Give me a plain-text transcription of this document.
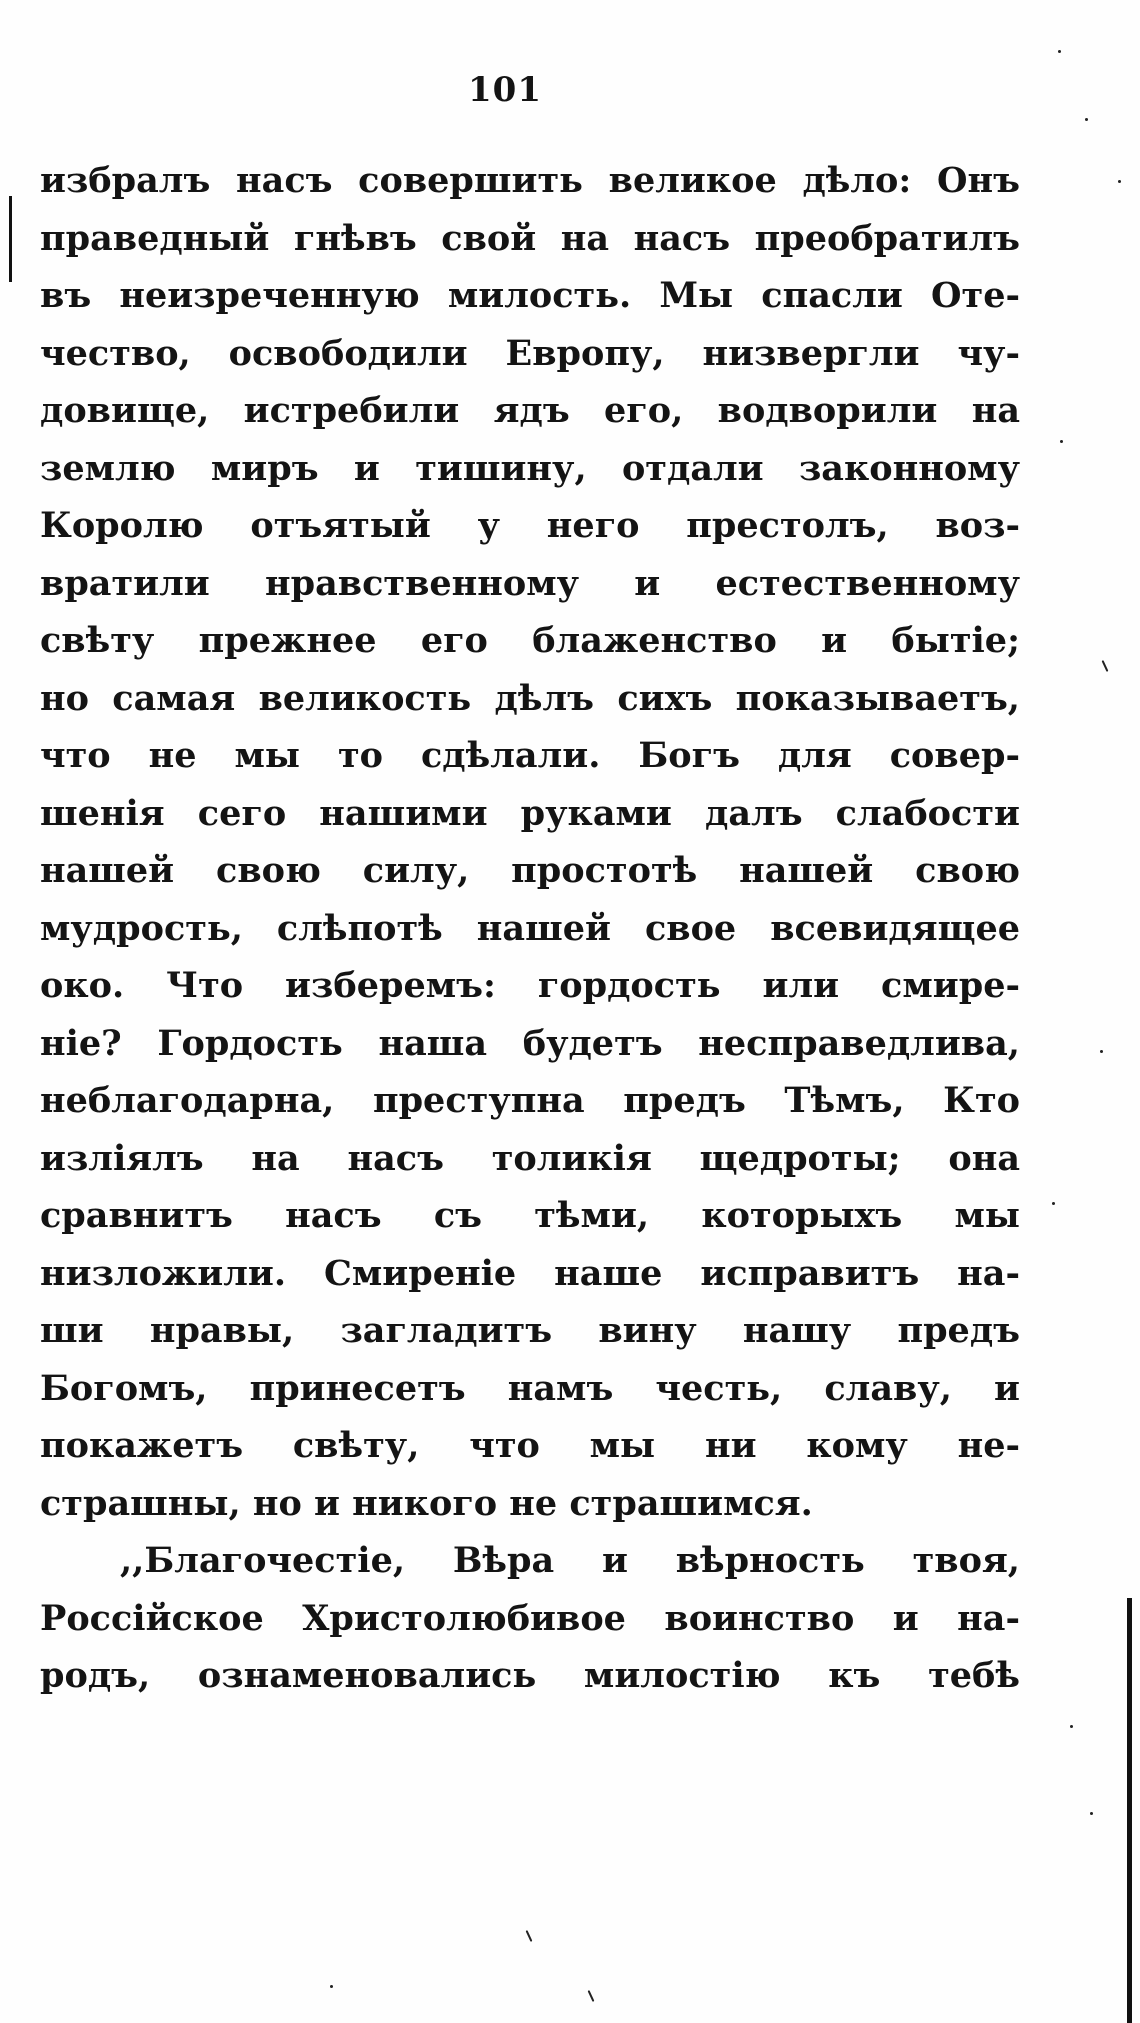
101
избралъ насъ совершить великое дѣло: Онъ
праведный гнѣвъ свой на насъ преобратилъ
въ неизреченную милость. Мы спасли Оте-
чество, освободили Европу, низвергли чу-
довище, истребили ядъ его, водворили на
землю миръ и тишину, отдали законному
Королю отъятый у него престолъ, воз-
вратили нравственному и естественному
свѣту прежнее его блаженство и бытіе;
но самая великость дѣлъ сихъ показываетъ,
что не мы то сдѣлали. Богъ для совер-
шенія сего нашими руками далъ слабости
нашей свою силу, простотѣ нашей свою
мудрость, слѣпотѣ нашей свое всевидящее
око. Что изберемъ: гордость или смире-
ніе? Гордость наша будетъ несправедлива,
неблагодарна, преступна предъ Тѣмъ, Кто
излiялъ на насъ толикiя щедроты; она
сравнитъ насъ съ тѣми, которыхъ мы
низложили. Смиреніе наше исправитъ на-
ши нравы, загладитъ вину нашу предъ
Богомъ, принесетъ намъ честь, славу, и
покажетъ свѣту, что мы ни кому не-
страшны, но и никого не страшимся.
,,Благочестіе, Вѣра и вѣрность твоя,
Россійское Христолюбивое воинство и на-
родъ, ознаменовались милостію къ тебѣ
